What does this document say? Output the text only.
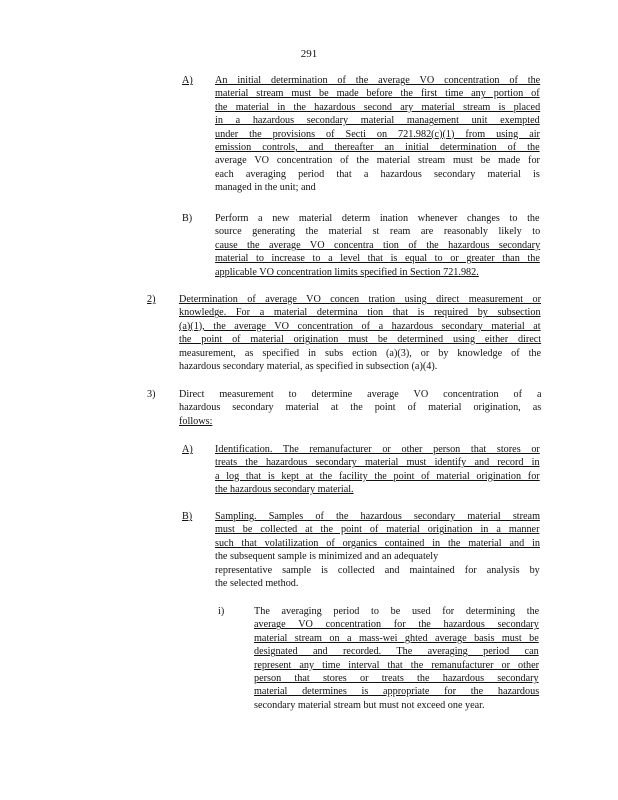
291
A) An initial determination of the average VO concentration of the
material stream must be made before the first time any portion of
the material in the hazardous second ary material stream is placed
in a hazardous secondary material management unit exempted
under the provisions of Secti on 721.982(c)(1) from using air
emission controls, and thereafter an initial determination of the
average VO concentration of the material stream must be made for
each averaging period that a hazardous secondary material is
managed in the unit; and
B) Perform a new material determ ination whenever changes to the
source generating the material st ream are reasonably likely to
cause the average VO concentra tion of the hazardous secondary
material to increase to a level that is equal to or greater than the
applicable VO concentration limits specified in Section 721.982.
2) Determination of average VO concen tration using direct measurement or
knowledge. For a material determina tion that is required by subsection
(a)(1), the average VO concentration of a hazardous secondary material at
the point of material origination must be determined using either direct
measurement, as specified in subs ection (a)(3), or by knowledge of the
hazardous secondary material, as specified in subsection (a)(4).
3) Direct measurement to determine average VO concentration of a
hazardous secondary material at the point of material origination, as
follows:
A) Identification. The remanufacturer or other person that stores or
treats the hazardous secondary material must identify and record in
a log that is kept at the facility the point of material origination for
the hazardous secondary material.
B) Sampling. Samples of the hazardous secondary material stream
must be collected at the point of material origination in a manner
such that volatilization of organics contained in the material and in
the subsequent sample is minimized and an adequately
representative sample is collected and maintained for analysis by
the selected method.
i)	The averaging period to be used for determining the
average VO concentration for the hazardous secondary
material stream on a mass-wei ghted average basis must be
designated and recorded. The averaging period can
represent any time interval that the remanufacturer or other
person that stores or treats the hazardous secondary
material determines is appropriate for the hazardous
secondary material stream but must not exceed one year.
